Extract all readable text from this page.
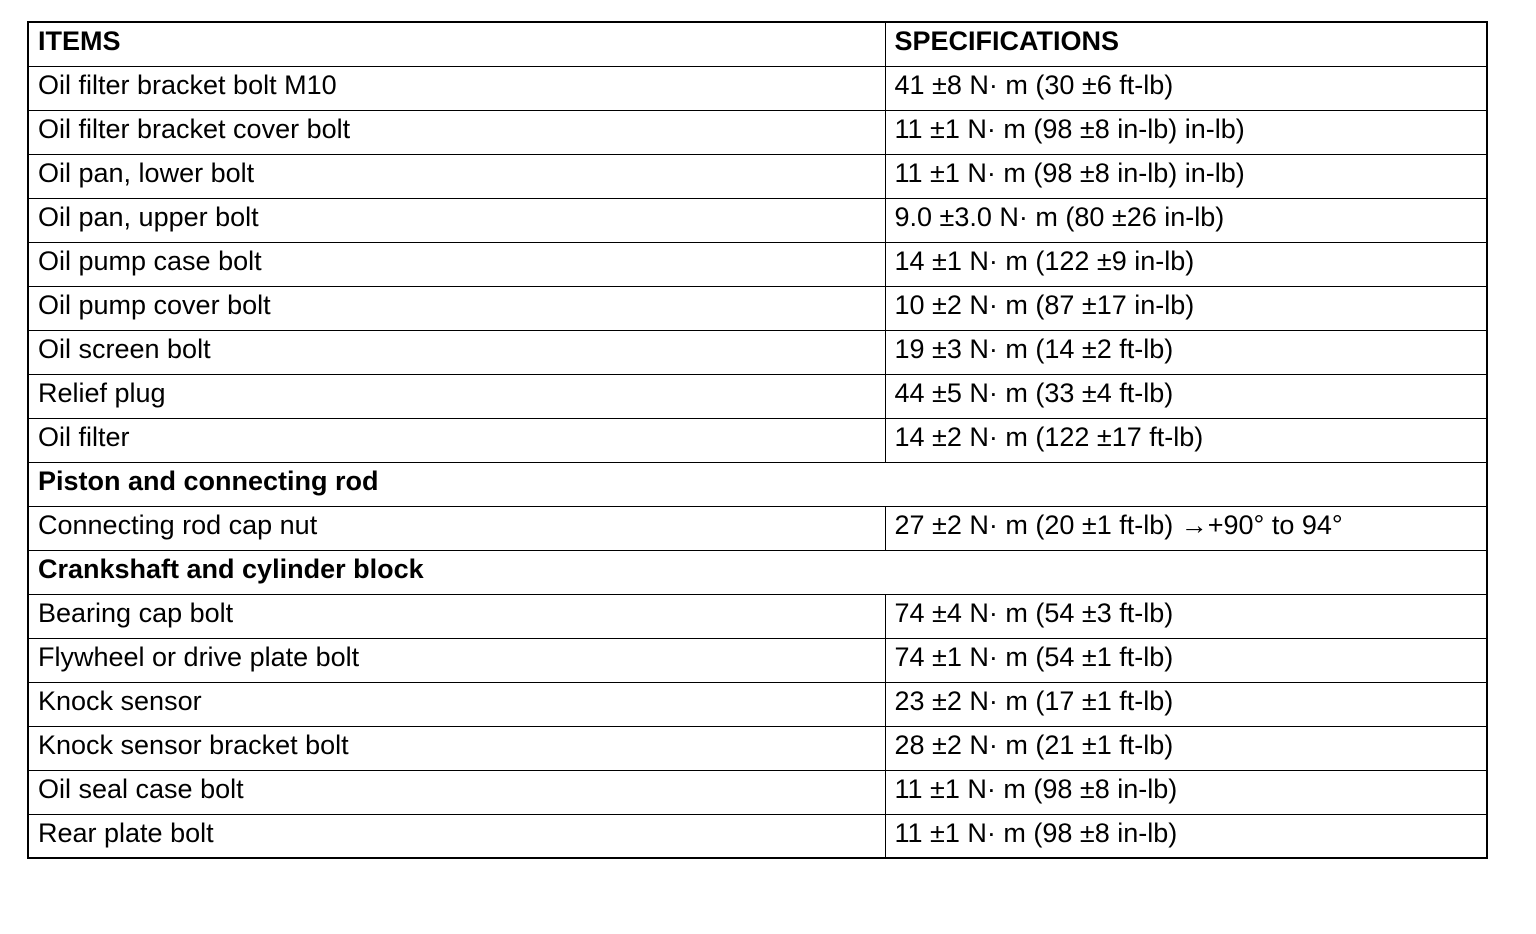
ITEMS	SPECIFICATIONS
Oil filter bracket bolt M10	41 ±8 N· m (30 ±6 ft-lb)
Oil filter bracket cover bolt	11 ±1 N· m (98 ±8 in-lb) in-lb)
Oil pan, lower bolt	11 ±1 N· m (98 ±8 in-lb) in-lb)
Oil pan, upper bolt	9.0 ±3.0 N· m (80 ±26 in-lb)
Oil pump case bolt	14 ±1 N· m (122 ±9 in-lb)
Oil pump cover bolt	10 ±2 N· m (87 ±17 in-lb)
Oil screen bolt	19 ±3 N· m (14 ±2 ft-lb)
Relief plug	44 ±5 N· m (33 ±4 ft-lb)
Oil filter	14 ±2 N· m (122 ±17 ft-lb)
Piston and connecting rod	
Connecting rod cap nut	27 ±2 N· m (20 ±1 ft-lb) →+90° to 94°
Crankshaft and cylinder block	
Bearing cap bolt	74 ±4 N· m (54 ±3 ft-lb)
Flywheel or drive plate bolt	74 ±1 N· m (54 ±1 ft-lb)
Knock sensor	23 ±2 N· m (17 ±1 ft-lb)
Knock sensor bracket bolt	28 ±2 N· m (21 ±1 ft-lb)
Oil seal case bolt	11 ±1 N· m (98 ±8 in-lb)
Rear plate bolt	11 ±1 N· m (98 ±8 in-lb)
